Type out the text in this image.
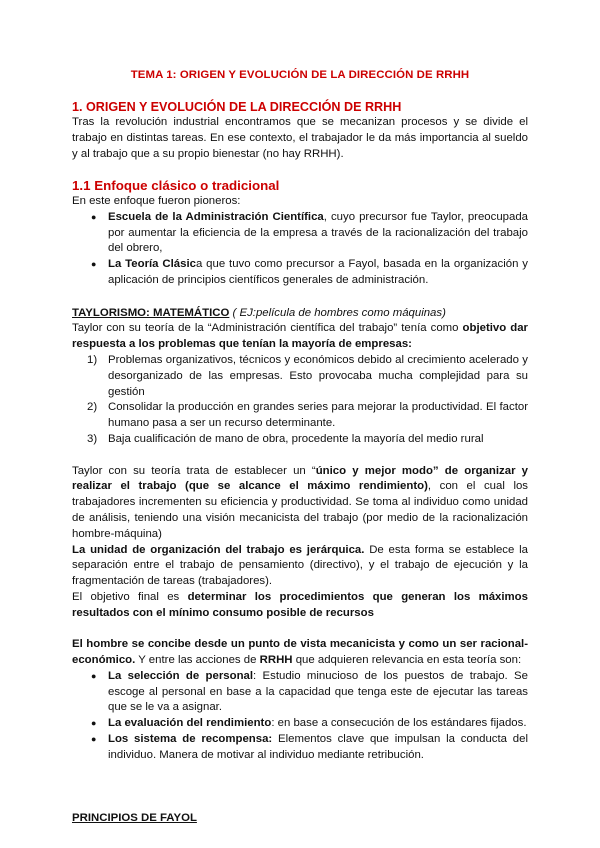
TEMA 1: ORIGEN Y EVOLUCIÓN DE LA DIRECCIÓN DE RRHH
1. ORIGEN Y EVOLUCIÓN DE LA DIRECCIÓN DE RRHH

Tras la revolución industrial encontramos que se mecanizan procesos y se divide el trabajo en distintas tareas. En ese contexto, el trabajador le da más importancia al sueldo y al trabajo que a su propio bienestar (no hay RRHH).

1.1 Enfoque clásico o tradicional

En este enfoque fueron pioneros:

● Escuela de la Administración Científica, cuyo precursor fue Taylor, preocupada por aumentar la eficiencia de la empresa a través de la racionalización del trabajo del obrero,
● La Teoría Clásica que tuvo como precursor a Fayol, basada en la organización y aplicación de principios científicos generales de administración.

TAYLORISMO: MATEMÁTICO ( EJ:película de hombres como máquinas)

Taylor con su teoría de la “Administración científica del trabajo” tenía como objetivo dar respuesta a los problemas que tenían la mayoría de empresas:

1) Problemas organizativos, técnicos y económicos debido al crecimiento acelerado y desorganizado de las empresas. Esto provocaba mucha complejidad para su gestión
2) Consolidar la producción en grandes series para mejorar la productividad. El factor humano pasa a ser un recurso determinante.
3) Baja cualificación de mano de obra, procedente la mayoría del medio rural

Taylor con su teoría trata de establecer un “único y mejor modo” de organizar y realizar el trabajo (que se alcance el máximo rendimiento), con el cual los trabajadores incrementen su eficiencia y productividad. Se toma al individuo como unidad de análisis, teniendo una visión mecanicista del trabajo (por medio de la racionalización hombre-máquina)

La unidad de organización del trabajo es jerárquica. De esta forma se establece la separación entre el trabajo de pensamiento (directivo), y el trabajo de ejecución y la fragmentación de tareas (trabajadores).

El objetivo final es determinar los procedimientos que generan los máximos resultados con el mínimo consumo posible de recursos

El hombre se concibe desde un punto de vista mecanicista y como un ser racional-económico. Y entre las acciones de RRHH que adquieren relevancia en esta teoría son:

● La selección de personal: Estudio minucioso de los puestos de trabajo. Se escoge al personal en base a la capacidad que tenga este de ejecutar las tareas que se le va a asignar.
● La evaluación del rendimiento: en base a consecución de los estándares fijados.
● Los sistema de recompensa: Elementos clave que impulsan la conducta del individuo. Manera de motivar al individuo mediante retribución.

PRINCIPIOS DE FAYOL
